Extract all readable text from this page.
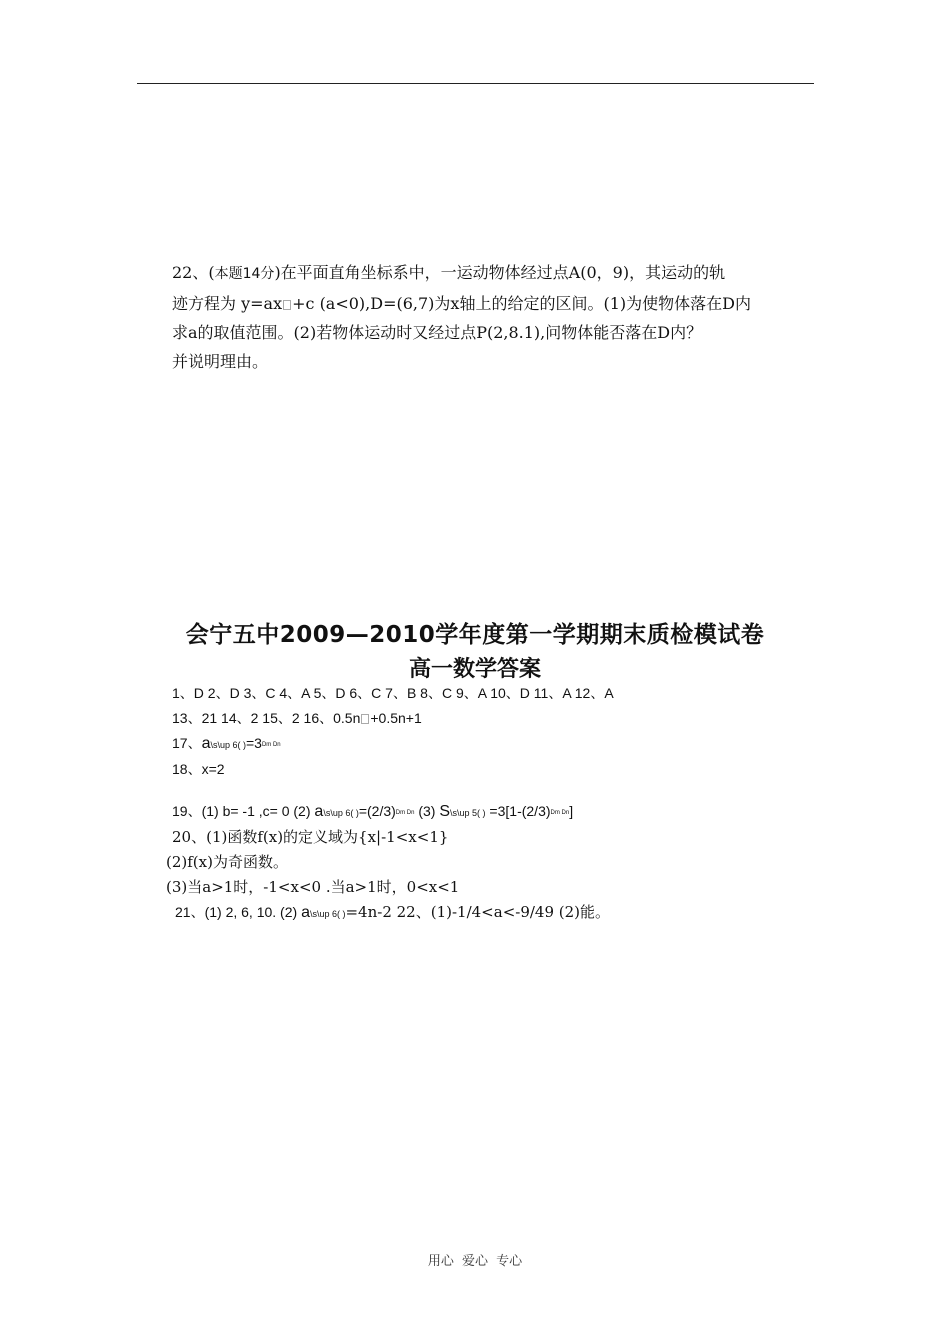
22、(本题14分)在平面直角坐标系中，一运动物体经过点A(0，9)，其运动的轨

迹方程为 y=ax +c (a<0),D=(6,7)为x轴上的给定的区间。(1)为使物体落在D内

求a的取值范围。(2)若物体运动时又经过点P(2,8.1),问物体能否落在D内？

并说明理由。

会宁五中2009—2010学年度第一学期期末质检模试卷
高一数学答案
1、D 2、D 3、C 4、A 5、D 6、C 7、B 8、C 9、A 10、D 11、A 12、A
13、21 14、2 15、2 16、0.5n +0.5n+1
17、a\s\up 6( )=3Dm Dn
18、x=2
19、(1) b= -1 ,c= 0 (2) a\s\up 6( )=(2/3)Dm Dn (3) S\s\up 5( ) =3[1-(2/3)Dm Dn]
20、(1)函数f(x)的定义域为{x|-1<x<1}
(2)f(x)为奇函数。
(3)当a>1时，-1<x<0 .当a>1时，0<x<1
21、(1) 2, 6, 10. (2) a\s\up 6( )=4n-2 22、(1)-1/4<a<-9/49 (2)能。
用心 爱心 专心
